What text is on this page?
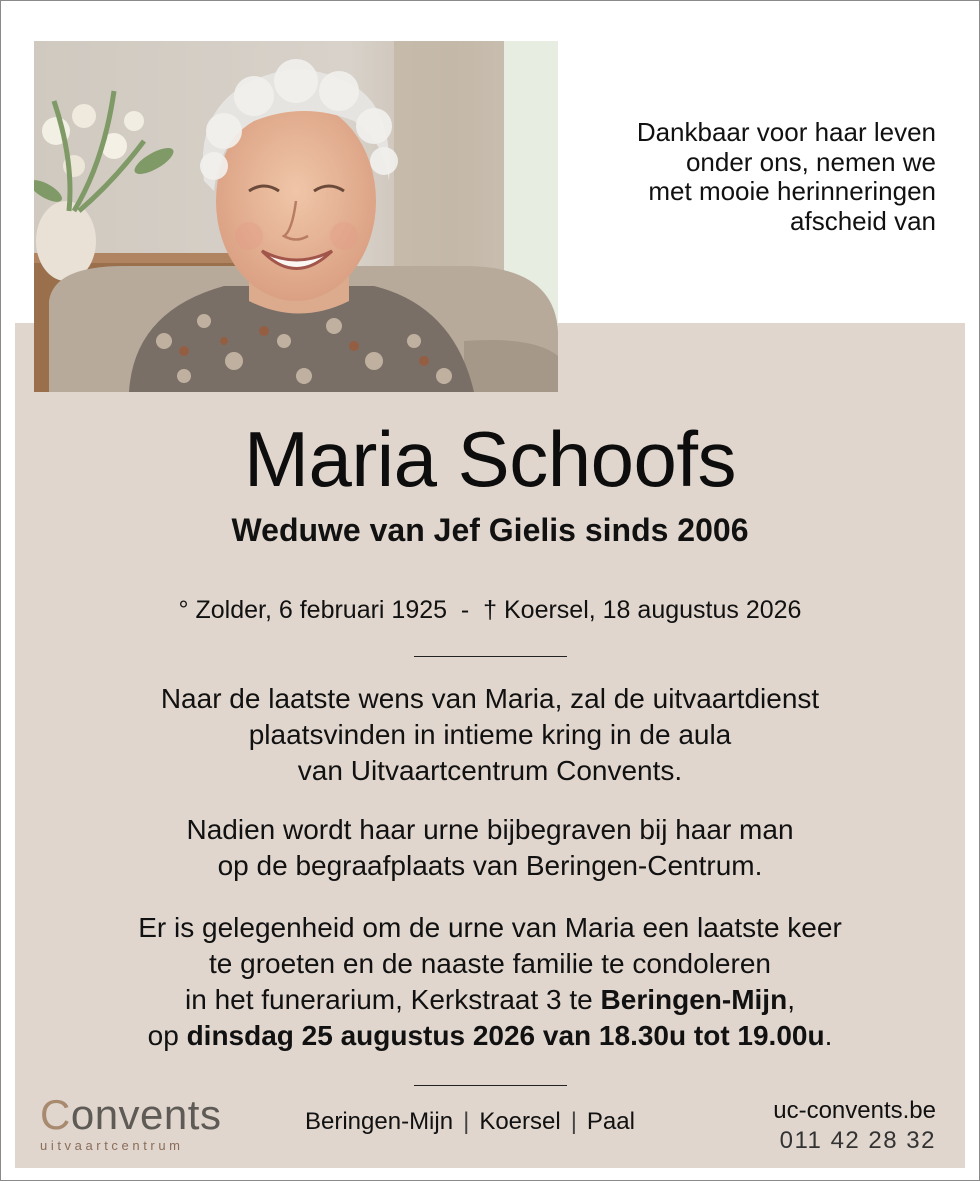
Dankbaar voor haar leven
onder ons, nemen we
met mooie herinneringen
afscheid van
Maria Schoofs
Weduwe van Jef Gielis sinds 2006
° Zolder, 6 februari 1925  -  † Koersel, 18 augustus 2026
Naar de laatste wens van Maria, zal de uitvaartdienst
plaatsvinden in intieme kring in de aula
van Uitvaartcentrum Convents.
Nadien wordt haar urne bijbegraven bij haar man
op de begraafplaats van Beringen-Centrum.
Er is gelegenheid om de urne van Maria een laatste keer
te groeten en de naaste familie te condoleren
in het funerarium, Kerkstraat 3 te Beringen-Mijn,
op dinsdag 25 augustus 2026 van 18.30u tot 19.00u.
Convents
uitvaartcentrum
Beringen-Mijn | Koersel | Paal	uc-convents.be
011 42 28 32
